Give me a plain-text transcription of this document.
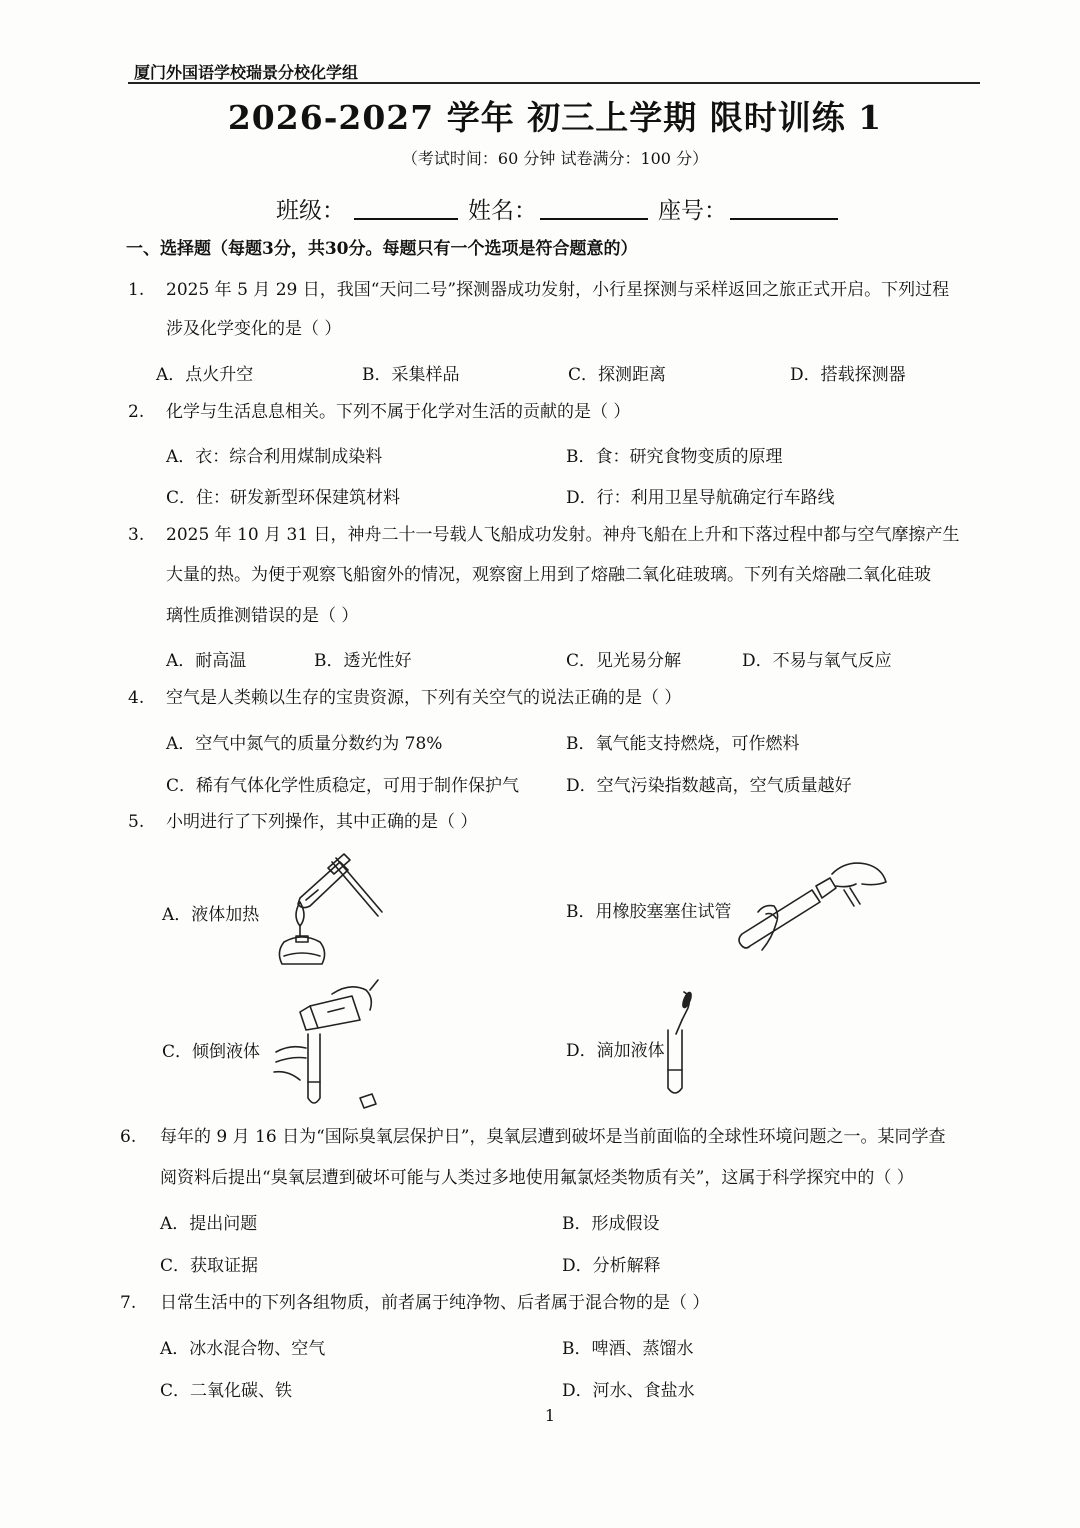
厦门外国语学校瑞景分校化学组
2026-2027 学年 初三上学期 限时训练 1
（考试时间：60 分钟 试卷满分：100 分）
班级：	姓名：	座号：
一、选择题（每题3分，共30分。每题只有一个选项是符合题意的）
1. 2025 年 5 月 29 日，我国“天问二号”探测器成功发射，小行星探测与采样返回之旅正式开启。下列过程
涉及化学变化的是（ ）
A．点火升空	B．采集样品	C．探测距离	D．搭载探测器
2. 化学与生活息息相关。下列不属于化学对生活的贡献的是（ ）
A．衣：综合利用煤制成染料	B．食：研究食物变质的原理
C．住：研发新型环保建筑材料	D．行：利用卫星导航确定行车路线
3. 2025 年 10 月 31 日，神舟二十一号载人飞船成功发射。神舟飞船在上升和下落过程中都与空气摩擦产生
大量的热。为便于观察飞船窗外的情况，观察窗上用到了熔融二氧化硅玻璃。下列有关熔融二氧化硅玻
璃性质推测错误的是（ ）
A．耐高温	B．透光性好	C．见光易分解	D．不易与氧气反应
4. 空气是人类赖以生存的宝贵资源，下列有关空气的说法正确的是（ ）
A．空气中氮气的质量分数约为 78%	B．氧气能支持燃烧，可作燃料
C．稀有气体化学性质稳定，可用于制作保护气	D．空气污染指数越高，空气质量越好
5. 小明进行了下列操作，其中正确的是（ ）
A．液体加热	B．用橡胶塞塞住试管
C．倾倒液体	D．滴加液体
6. 每年的 9 月 16 日为“国际臭氧层保护日”，臭氧层遭到破坏是当前面临的全球性环境问题之一。某同学查
阅资料后提出“臭氧层遭到破坏可能与人类过多地使用氟氯烃类物质有关”，这属于科学探究中的（ ）
A．提出问题	B．形成假设
C．获取证据	D．分析解释
7. 日常生活中的下列各组物质，前者属于纯净物、后者属于混合物的是（ ）
A．冰水混合物、空气	B．啤酒、蒸馏水
C．二氧化碳、铁	D．河水、食盐水
1
